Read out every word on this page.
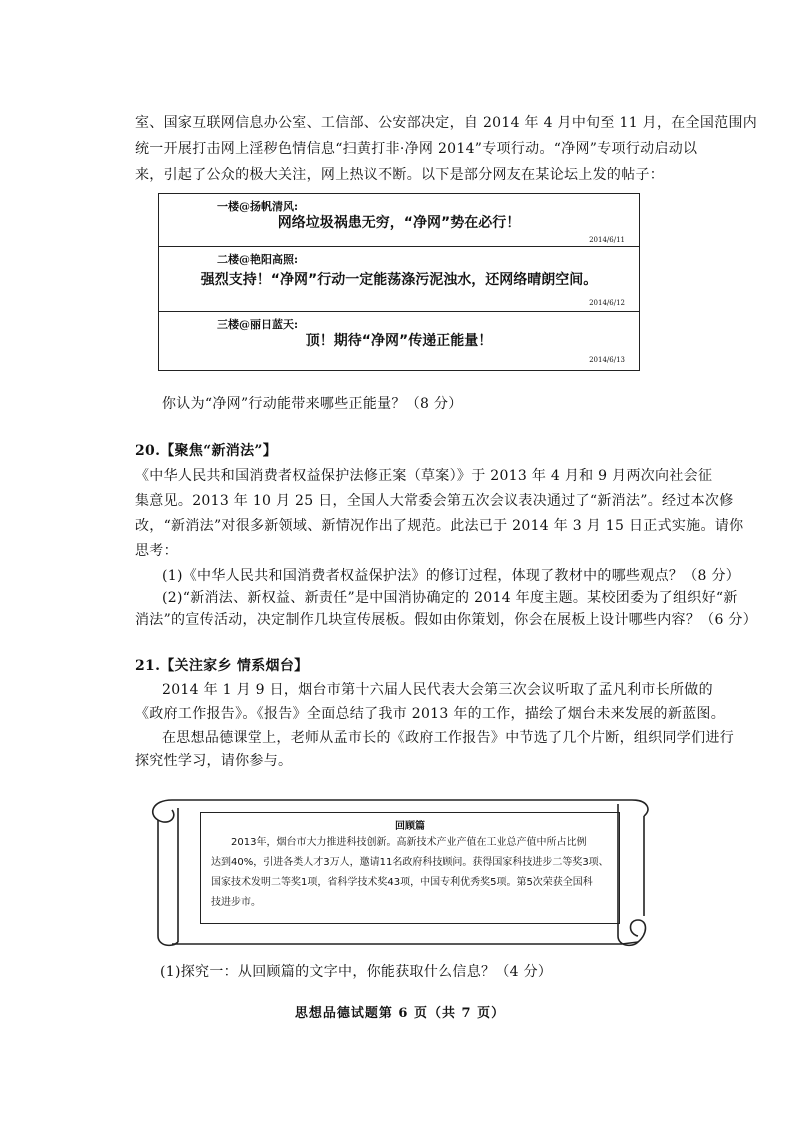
室、国家互联网信息办公室、工信部、公安部决定，自 2014 年 4 月中旬至 11 月，在全国范围内
统一开展打击网上淫秽色情信息“扫黄打非·净网 2014”专项行动。“净网”专项行动启动以
来，引起了公众的极大关注，网上热议不断。以下是部分网友在某论坛上发的帖子：
一楼@扬帆清风:
网络垃圾祸患无穷，“净网”势在必行！
2014/6/11
二楼@艳阳高照:
强烈支持！“净网”行动一定能荡涤污泥浊水，还网络晴朗空间。
2014/6/12
三楼@丽日蓝天:
顶！期待“净网”传递正能量！
2014/6/13
你认为“净网”行动能带来哪些正能量？（8 分）
20.【聚焦“新消法”】
《中华人民共和国消费者权益保护法修正案（草案）》于 2013 年 4 月和 9 月两次向社会征
集意见。2013 年 10 月 25 日，全国人大常委会第五次会议表决通过了“新消法”。经过本次修
改，“新消法”对很多新领域、新情况作出了规范。此法已于 2014 年 3 月 15 日正式实施。请你
思考：
(1)《中华人民共和国消费者权益保护法》的修订过程，体现了教材中的哪些观点？（8 分）
(2)“新消法、新权益、新责任”是中国消协确定的 2014 年度主题。某校团委为了组织好“新
消法”的宣传活动，决定制作几块宣传展板。假如由你策划，你会在展板上设计哪些内容？（6 分）
21.【关注家乡 情系烟台】
2014 年 1 月 9 日，烟台市第十六届人民代表大会第三次会议听取了孟凡利市长所做的
《政府工作报告》。《报告》全面总结了我市 2013 年的工作，描绘了烟台未来发展的新蓝图。
在思想品德课堂上，老师从孟市长的《政府工作报告》中节选了几个片断，组织同学们进行
探究性学习，请你参与。
回顾篇
2013年，烟台市大力推进科技创新。高新技术产业产值在工业总产值中所占比例
达到40%，引进各类人才3万人，邀请11名政府科技顾问。获得国家科技进步二等奖3项、
国家技术发明二等奖1项，省科学技术奖43项，中国专利优秀奖5项。第5次荣获全国科
技进步市。
(1)探究一：从回顾篇的文字中，你能获取什么信息？（4 分）
思想品德试题第 6 页（共 7 页）
